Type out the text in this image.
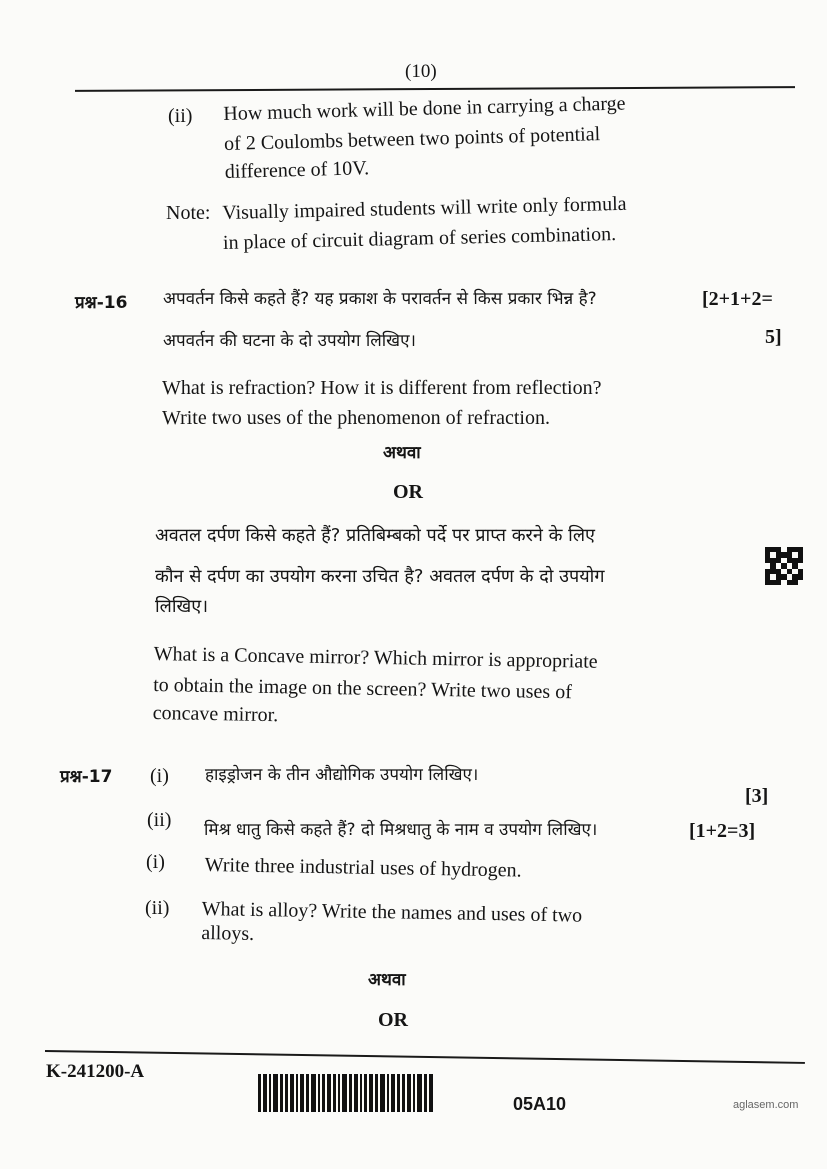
(10)
(ii) How much work will be done in carrying a charge
of 2 Coulombs between two points of potential
difference of 10V.
Note: Visually impaired students will write only formula
in place of circuit diagram of series combination.
प्रश्न-16 अपवर्तन किसे कहते हैं? यह प्रकाश के परावर्तन से किस प्रकार भिन्न है?
अपवर्तन की घटना के दो उपयोग लिखिए।
[2+1+2=
5]
What is refraction? How it is different from reflection?
Write two uses of the phenomenon of refraction.
अथवा
OR
अवतल दर्पण किसे कहते हैं? प्रतिबिम्बको पर्दे पर प्राप्त करने के लिए
कौन से दर्पण का उपयोग करना उचित है? अवतल दर्पण के दो उपयोग
लिखिए।
What is a Concave mirror? Which mirror is appropriate
to obtain the image on the screen? Write two uses of
concave mirror.
प्रश्न-17 (i) हाइड्रोजन के तीन औद्योगिक उपयोग लिखिए।
[3]
(ii) मिश्र धातु किसे कहते हैं? दो मिश्रधातु के नाम व उपयोग लिखिए।	[1+2=3]
(i) Write three industrial uses of hydrogen.
(ii) What is alloy? Write the names and uses of two
alloys.
अथवा
OR
K-241200-A
05A10	aglasem.com
